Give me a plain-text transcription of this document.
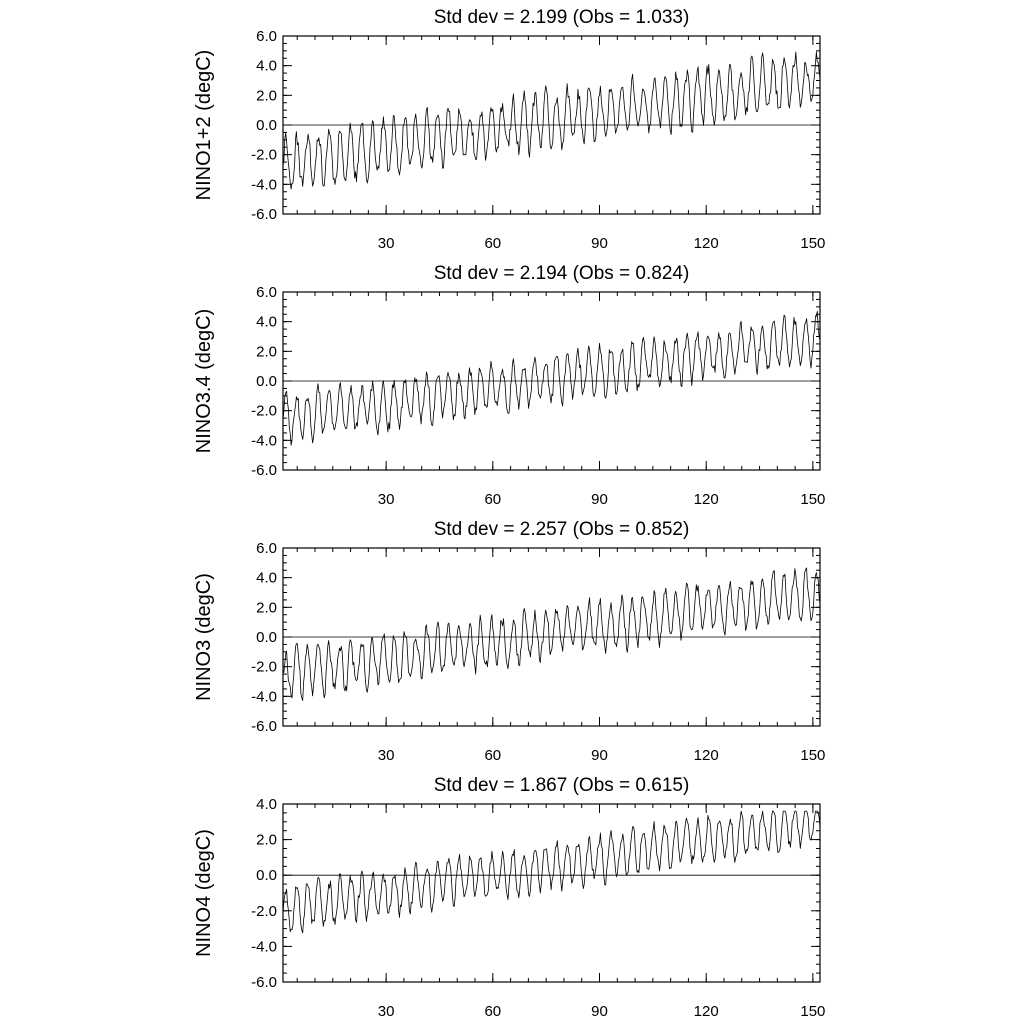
Std dev = 2.199 (Obs = 1.033)
NINO1+2 (degC)
6.0
4.0
2.0
0.0
-2.0
-4.0
-6.0
30	60	90	120	150
Std dev = 2.194 (Obs = 0.824)
NINO3.4 (degC)
6.0
4.0
2.0
0.0
-2.0
-4.0
-6.0
30	60	90	120	150
Std dev = 2.257 (Obs = 0.852)
NINO3 (degC)
6.0
4.0
2.0
0.0
-2.0
-4.0
-6.0
30	60	90	120	150
Std dev = 1.867 (Obs = 0.615)
NINO4 (degC)
4.0
2.0
0.0
-2.0
-4.0
-6.0
30	60	90	120	150
